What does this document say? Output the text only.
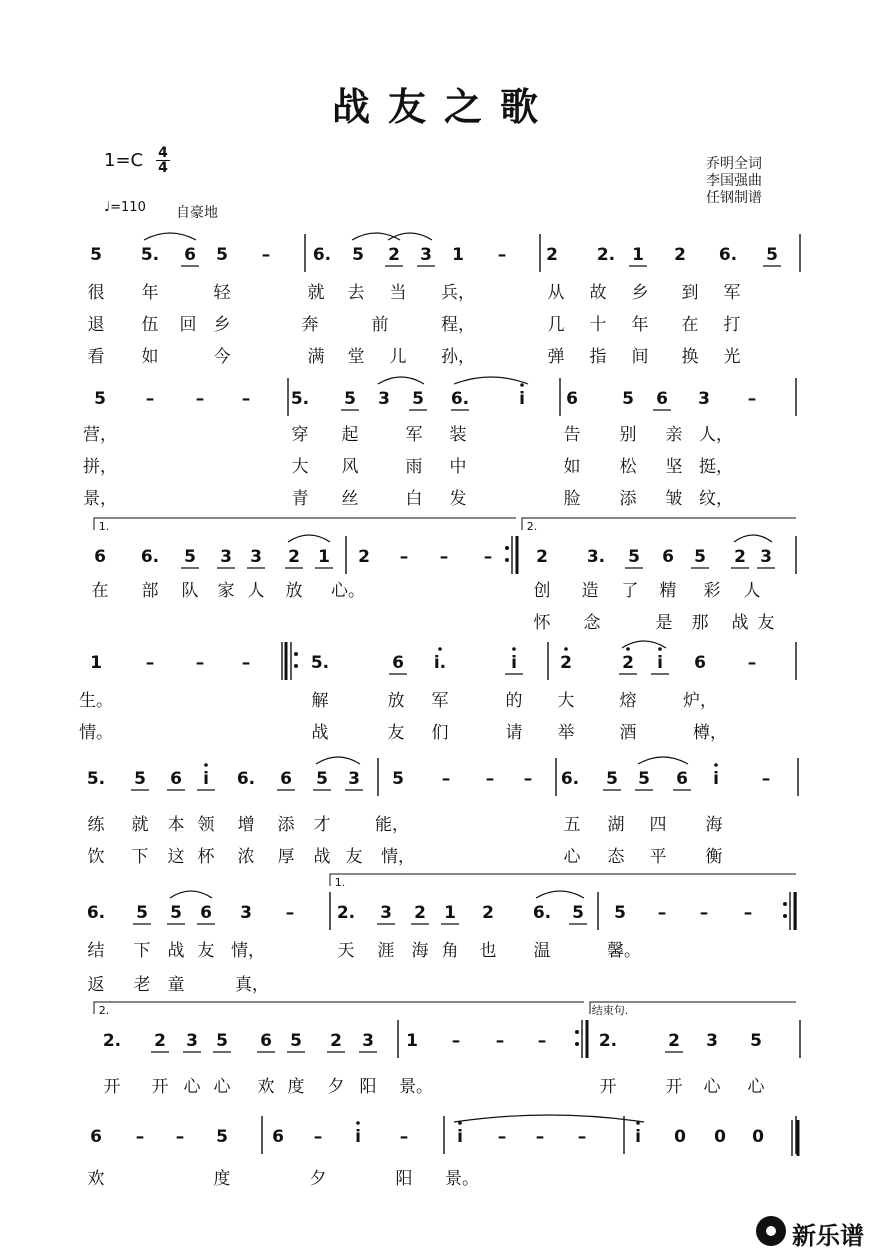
战友之歌
1=C 4
4
♩=110 自豪地
乔明全词
李国强曲
任钢制谱
5 5. 6 5 –	6. 5 2 3 1 – 2 2. 1 2 6. 5
很 年	轻	就 去 当 兵，	从 故 乡 到 军
退 伍 回 乡	奔	前	程，	几 十 年 在 打
看 如	今	满 堂 儿 孙，	弹 指 间 换 光
5 – – – 5. 5 3 5 6.	i 6	5 6 3 –
营，	穿 起	军 装	告 别 亲 人，
拼，	大 风	雨 中	如 松 坚 挺，
景，	青 丝	白 发	脸 添 皱 纹，
6 6. 5 3 3 2 1 2 – – –	2 3. 5 6 5 2 3
在 部 队 家 人 放 心。	创 造 了 精 彩 人
怀 念	是 那 战 友
1	– – –	5.	6 i.	i	2	2 i 6 –
生。	解	放 军	的 大	熔	炉，
情。	战	友 们	请 举	酒	樽，
5. 5 6 i 6. 6 5 3 5 – – – 6. 5 5 6 i	–
练 就 本 领 增 添 才	能，	五 湖 四 海
饮 下 这 杯 浓 厚 战 友 情，	心 态 平 衡
6. 5 5 6 3 –	2. 3 2 1 2 6. 5 5 – – –
结 下 战 友 情，	天 涯 海 角 也 温	馨。
返 老 童	真，
2. 2 3 5 6 5 2 3 1 – – –	2.	2 3 5
开 开 心 心 欢 度 夕 阳 景。	开	开 心 心
6 – – 5	6 – i –	i – – –	i 0 0 0
欢	度	夕	阳 景。
1.	2.
1.
2.	结束句.
新乐谱
